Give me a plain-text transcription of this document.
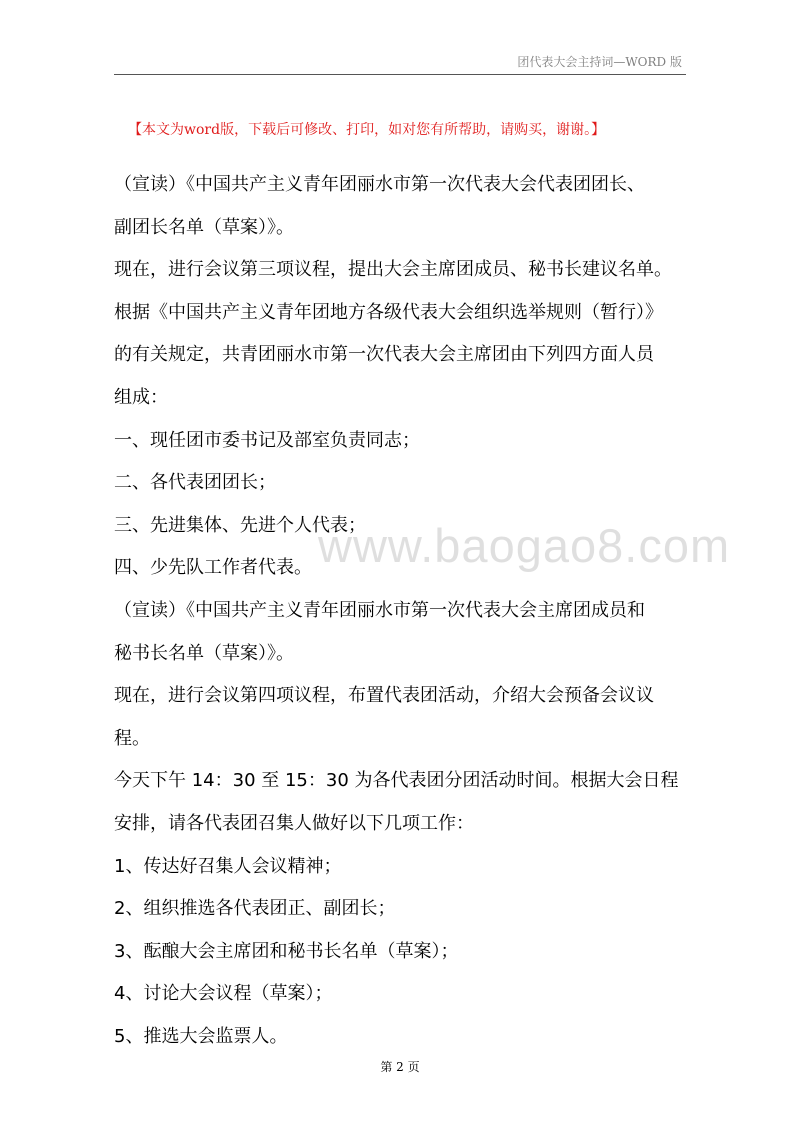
团代表大会主持词—WORD 版
【本文为word版，下载后可修改、打印，如对您有所帮助，请购买，谢谢。】
（宣读）《中国共产主义青年团丽水市第一次代表大会代表团团长、
副团长名单（草案）》。
现在，进行会议第三项议程，提出大会主席团成员、秘书长建议名单。
根据《中国共产主义青年团地方各级代表大会组织选举规则（暂行）》
的有关规定，共青团丽水市第一次代表大会主席团由下列四方面人员
组成：
一、现任团市委书记及部室负责同志；
二、各代表团团长；
三、先进集体、先进个人代表；
四、少先队工作者代表。
（宣读）《中国共产主义青年团丽水市第一次代表大会主席团成员和
秘书长名单（草案）》。
现在，进行会议第四项议程，布置代表团活动，介绍大会预备会议议
程。
今天下午 14：30 至 15：30 为各代表团分团活动时间。根据大会日程
安排，请各代表团召集人做好以下几项工作：
1、传达好召集人会议精神；
2、组织推选各代表团正、副团长；
3、酝酿大会主席团和秘书长名单（草案）；
4、讨论大会议程（草案）；
5、推选大会监票人。
www.baogao8.com
第 2 页
